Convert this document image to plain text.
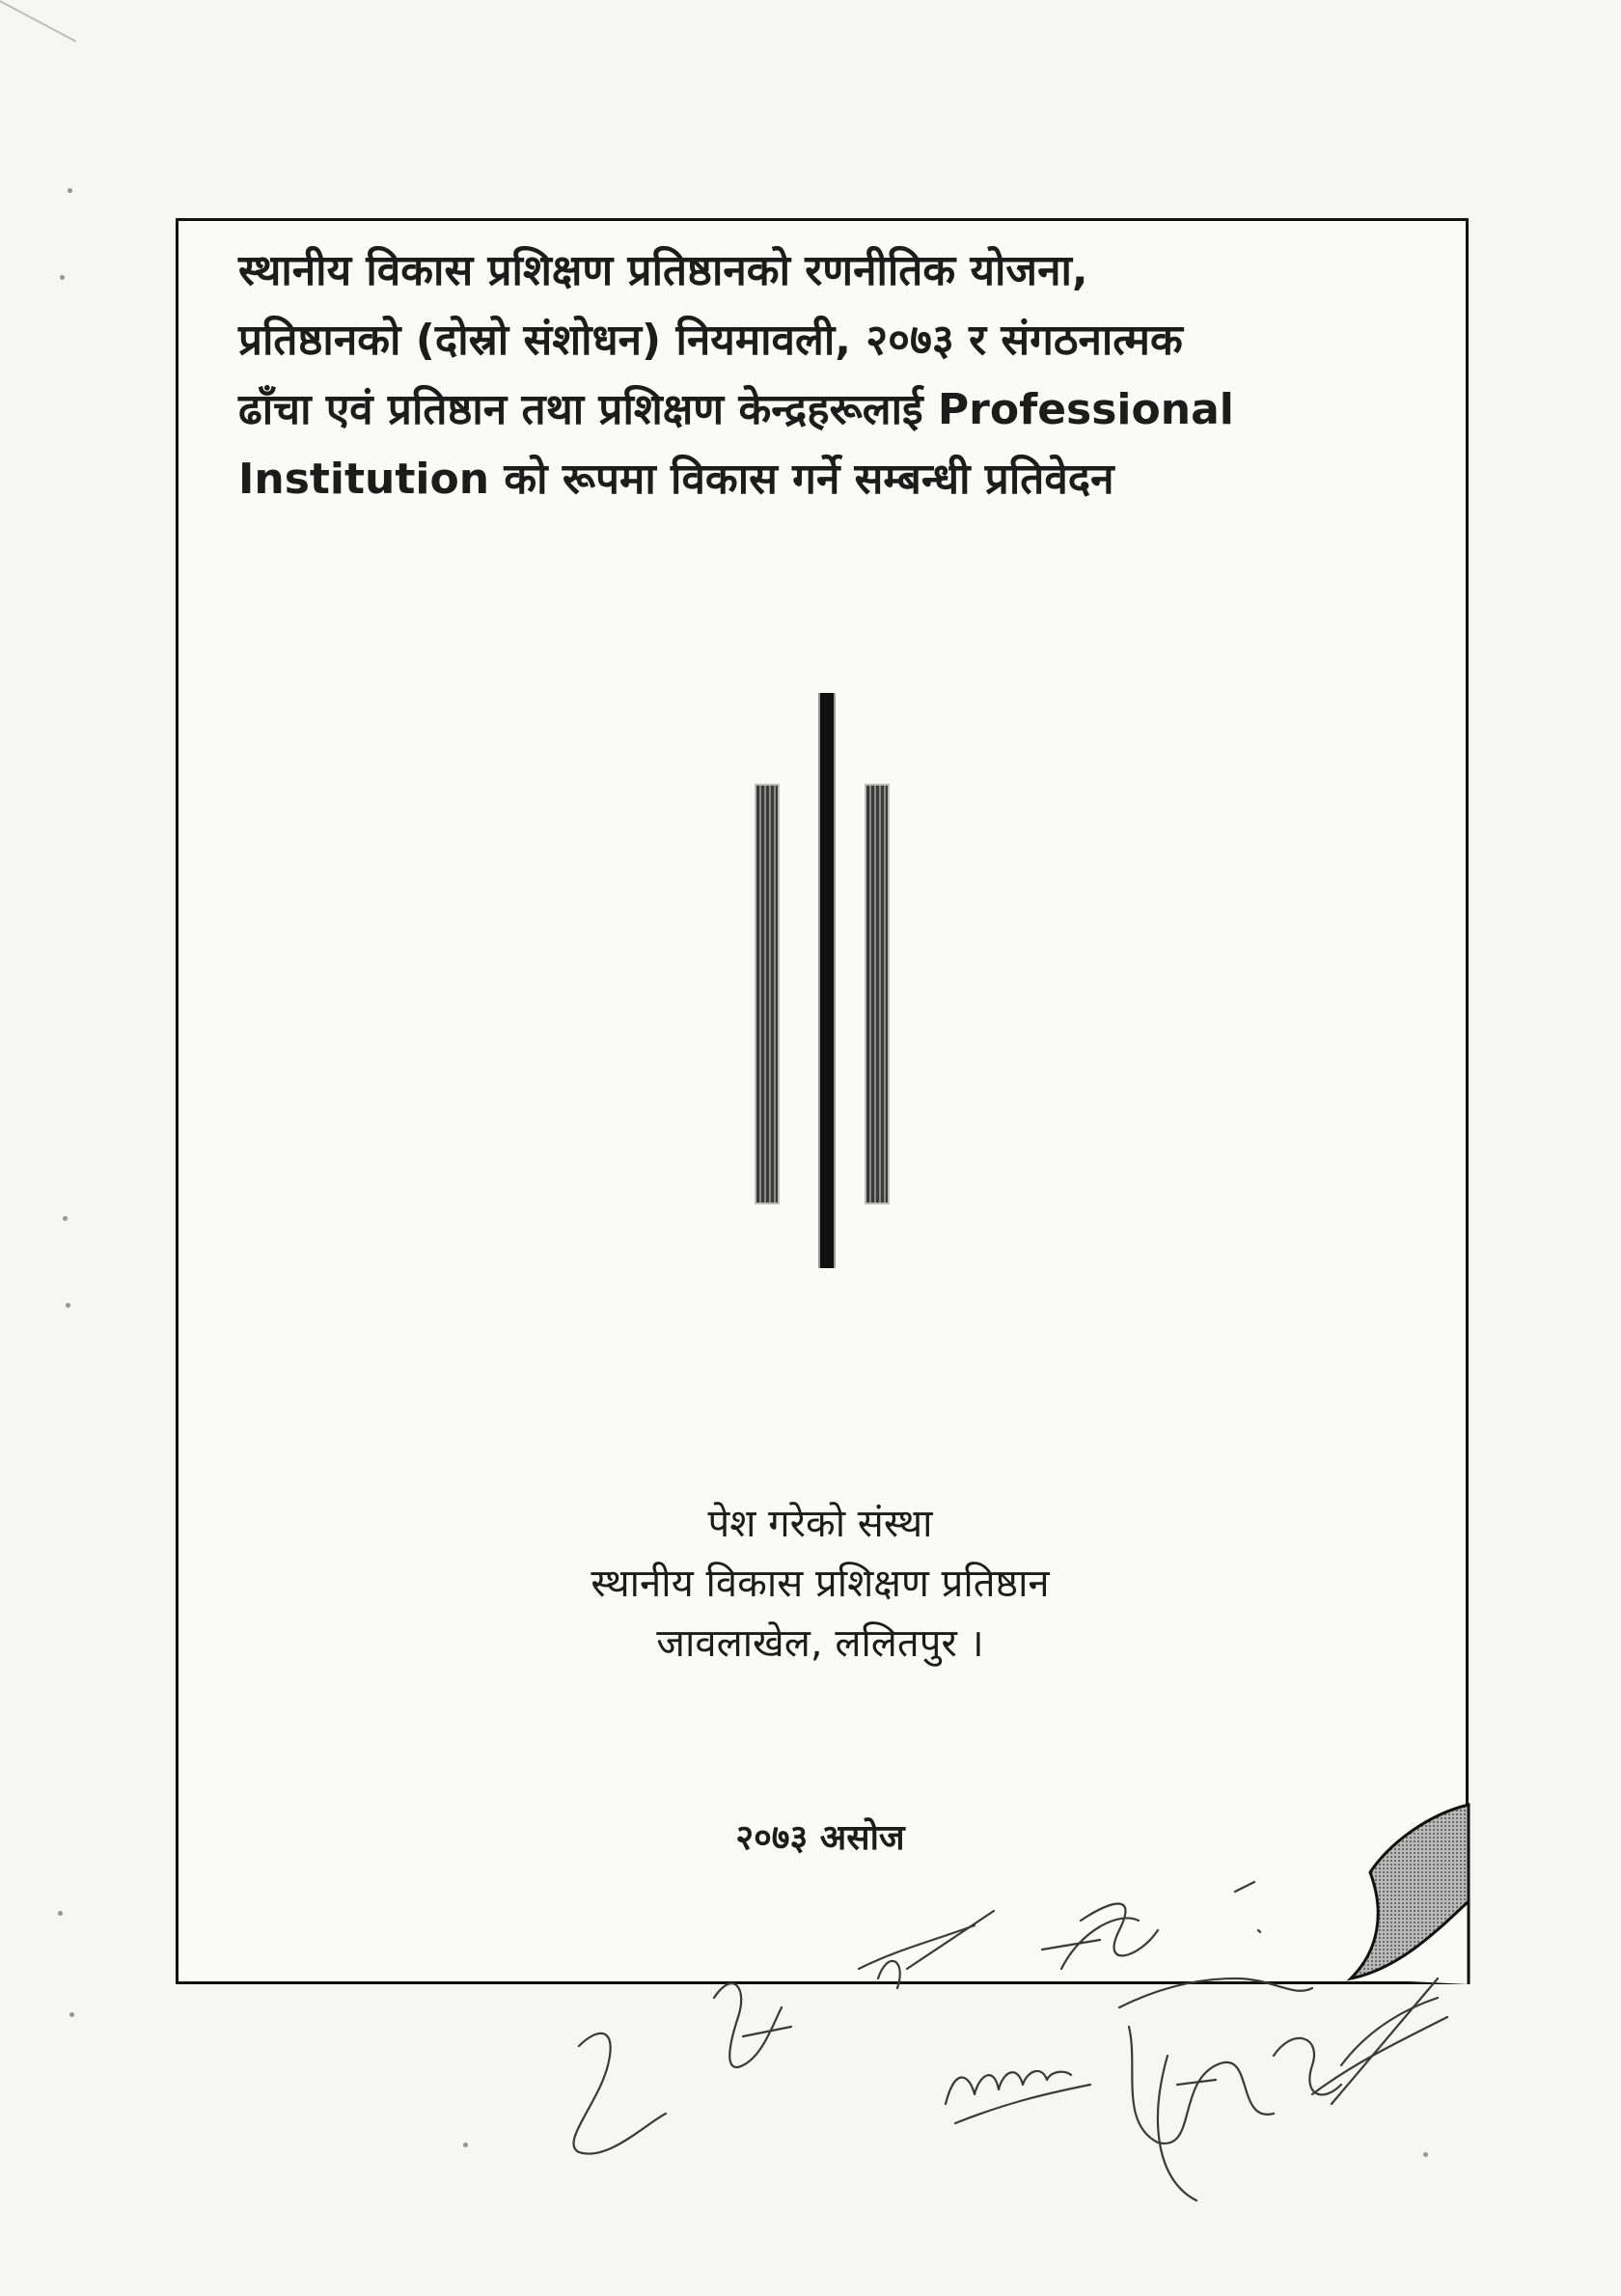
स्थानीय विकास प्रशिक्षण प्रतिष्ठानको रणनीतिक योजना,
प्रतिष्ठानको (दोस्रो संशोधन) नियमावली, २०७३ र संगठनात्मक
ढाँचा एवं प्रतिष्ठान तथा प्रशिक्षण केन्द्रहरूलाई Professional
Institution को रूपमा विकास गर्ने सम्बन्धी प्रतिवेदन
पेश गरेको संस्था
स्थानीय विकास प्रशिक्षण प्रतिष्ठान
जावलाखेल, ललितपुर ।
२०७३ असोज
